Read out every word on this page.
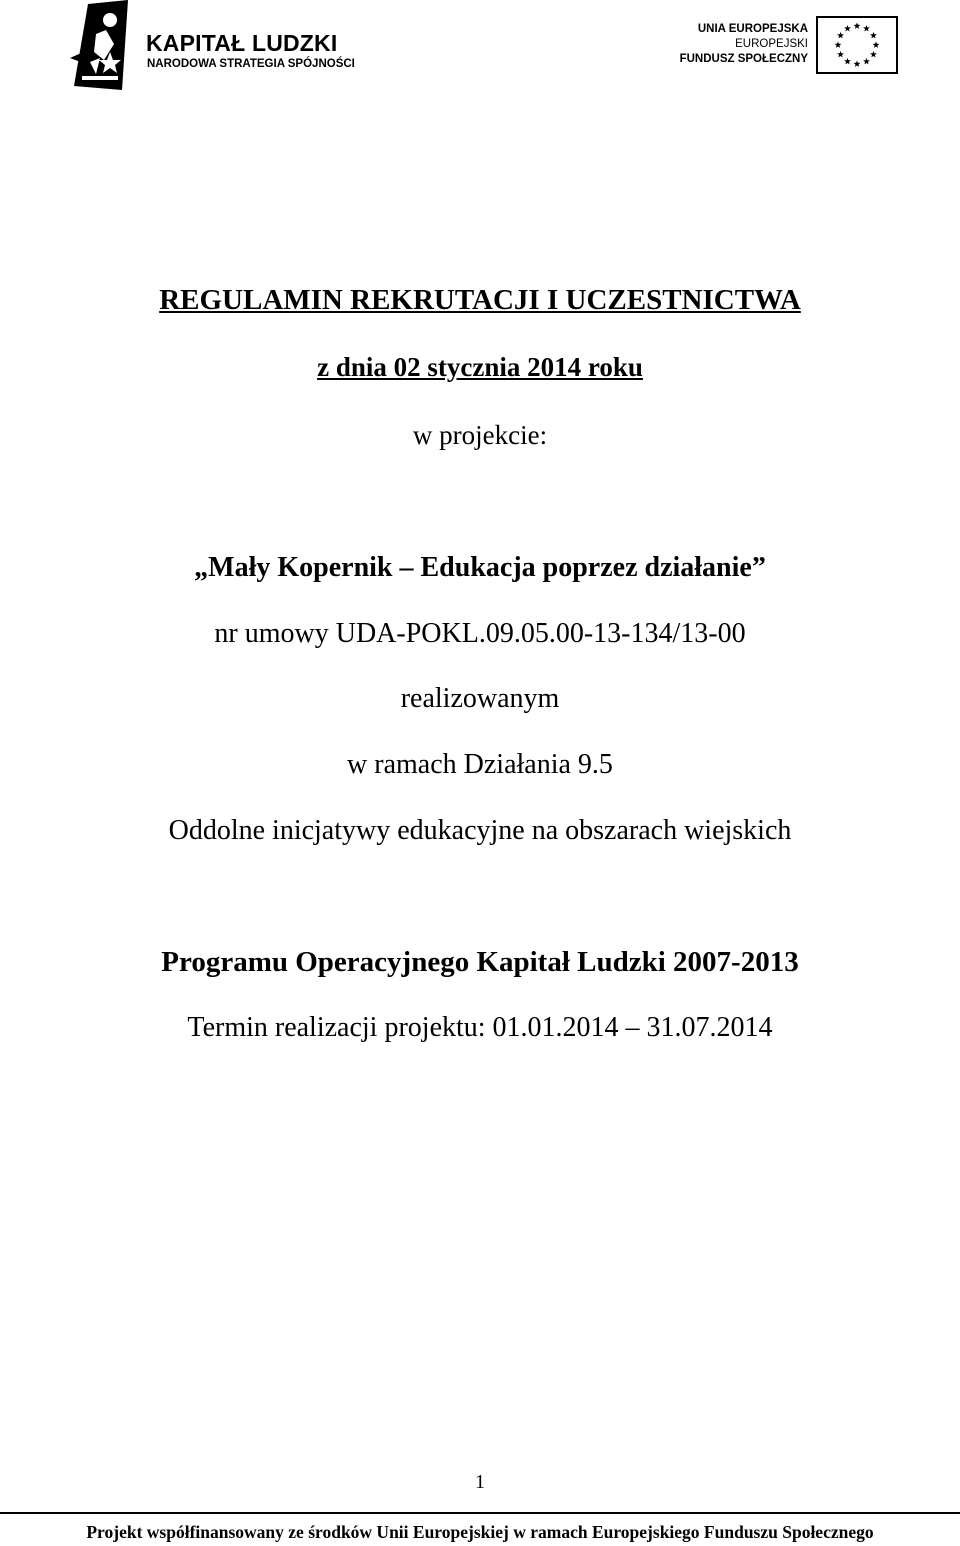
KAPITAŁ LUDZKI
NARODOWA STRATEGIA SPÓJNOŚCI
UNIA EUROPEJSKA
EUROPEJSKI
FUNDUSZ SPOŁECZNY
REGULAMIN REKRUTACJI I UCZESTNICTWA
z dnia 02 stycznia 2014 roku
w projekcie:
„Mały Kopernik – Edukacja poprzez działanie”
nr umowy UDA-POKL.09.05.00-13-134/13-00
realizowanym
w ramach Działania 9.5
Oddolne inicjatywy edukacyjne na obszarach wiejskich
Programu Operacyjnego Kapitał Ludzki 2007-2013
Termin realizacji projektu: 01.01.2014 – 31.07.2014
1
Projekt współfinansowany ze środków Unii Europejskiej w ramach Europejskiego Funduszu Społecznego
